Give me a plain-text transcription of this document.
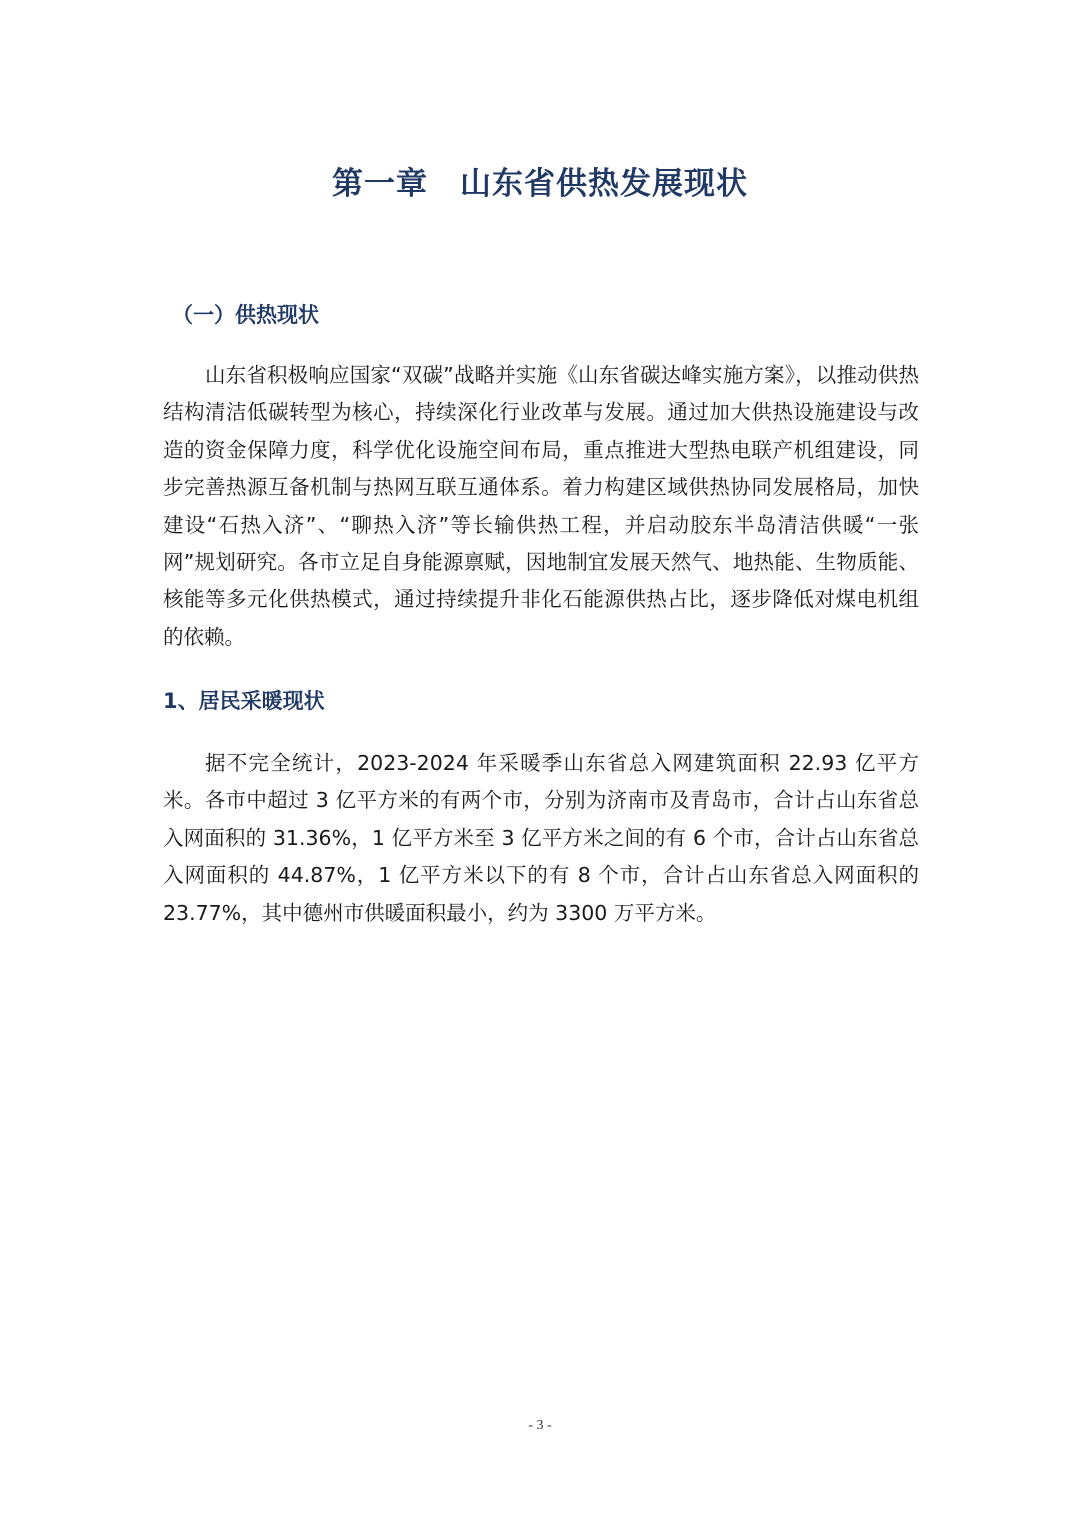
第一章　山东省供热发展现状
（一）供热现状

山东省积极响应国家“双碳”战略并实施《山东省碳达峰实施方案》，以推动供热结构清洁低碳转型为核心，持续深化行业改革与发展。通过加大供热设施建设与改造的资金保障力度，科学优化设施空间布局，重点推进大型热电联产机组建设，同步完善热源互备机制与热网互联互通体系。着力构建区域供热协同发展格局，加快建设“石热入济”、“聊热入济”等长输供热工程，并启动胶东半岛清洁供暖“一张网”规划研究。各市立足自身能源禀赋，因地制宜发展天然气、地热能、生物质能、核能等多元化供热模式，通过持续提升非化石能源供热占比，逐步降低对煤电机组的依赖。

1、居民采暖现状

据不完全统计，2023-2024 年采暖季山东省总入网建筑面积 22.93 亿平方米。各市中超过 3 亿平方米的有两个市，分别为济南市及青岛市，合计占山东省总入网面积的 31.36%，1 亿平方米至 3 亿平方米之间的有 6 个市，合计占山东省总入网面积的 44.87%，1 亿平方米以下的有 8 个市，合计占山东省总入网面积的 23.77%，其中德州市供暖面积最小，约为 3300 万平方米。

- 3 -
